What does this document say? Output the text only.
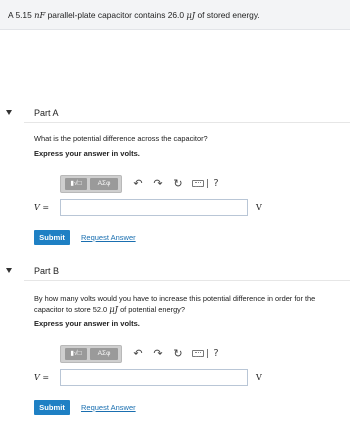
A 5.15 nF parallel-plate capacitor contains 26.0 μJ of stored energy.
Part A
What is the potential difference across the capacitor?
Express your answer in volts.
▮√□	ΑΣφ	↶ ↷ ↻	?
V =	V
Submit	Request Answer
Part B
By how many volts would you have to increase this potential difference in order for the capacitor to store 52.0 μJ of potential energy?
Express your answer in volts.
▮√□	ΑΣφ	↶ ↷ ↻	?
V =	V
Submit	Request Answer
